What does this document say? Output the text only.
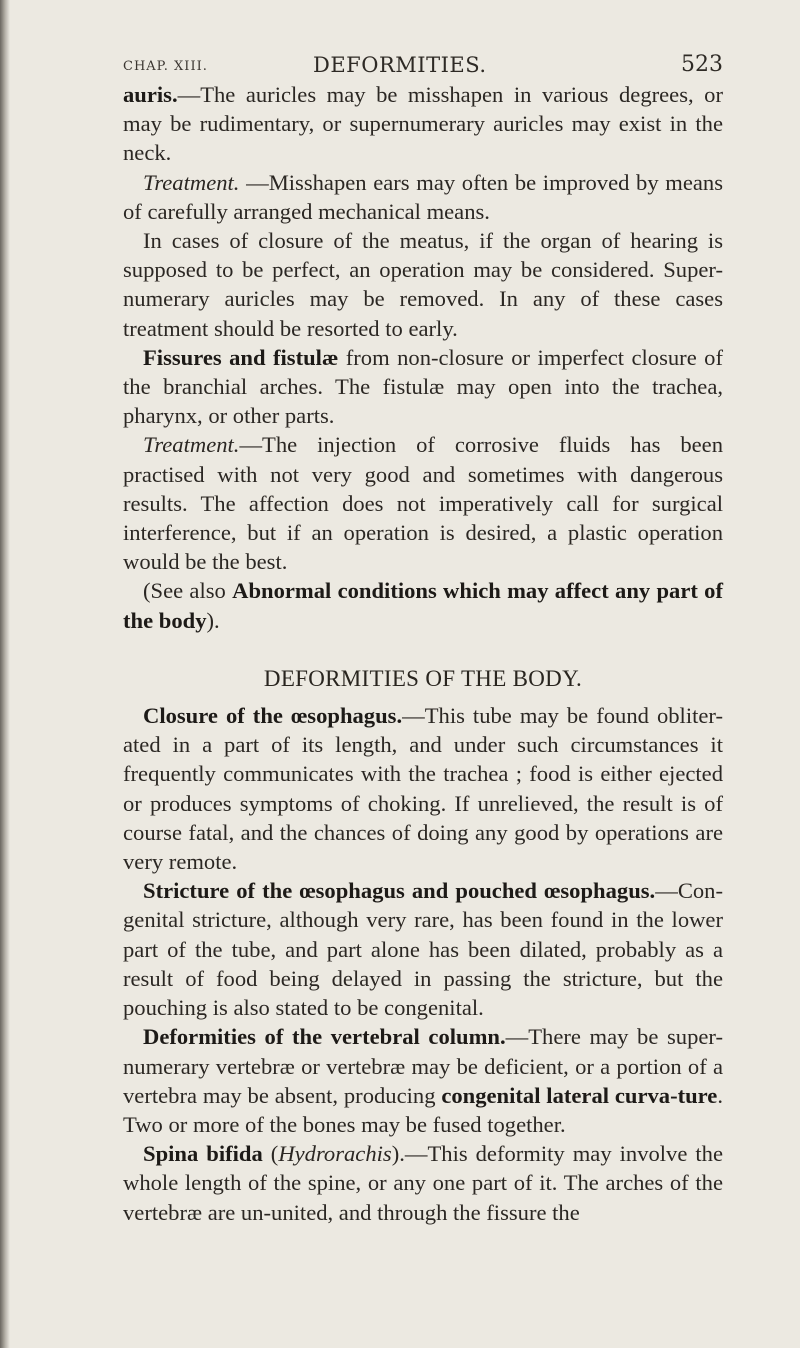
CHAP. XIII.	DEFORMITIES.	523

auris.—The auricles may be misshapen in various degrees, or may be rudimentary, or supernumerary auricles may exist in the neck.

Treatment. —Misshapen ears may often be improved by means of carefully arranged mechanical means.

In cases of closure of the meatus, if the organ of hearing is supposed to be perfect, an operation may be considered. Super-numerary auricles may be removed. In any of these cases treatment should be resorted to early.

Fissures and fistulæ from non-closure or imperfect closure of the branchial arches. The fistulæ may open into the trachea, pharynx, or other parts.

Treatment.—The injection of corrosive fluids has been practised with not very good and sometimes with dangerous results. The affection does not imperatively call for surgical interference, but if an operation is desired, a plastic operation would be the best.

(See also Abnormal conditions which may affect any part of the body).

DEFORMITIES OF THE BODY.

Closure of the œsophagus.—This tube may be found obliter-ated in a part of its length, and under such circumstances it frequently communicates with the trachea ; food is either ejected or produces symptoms of choking. If unrelieved, the result is of course fatal, and the chances of doing any good by operations are very remote.

Stricture of the œsophagus and pouched œsophagus.—Con-genital stricture, although very rare, has been found in the lower part of the tube, and part alone has been dilated, probably as a result of food being delayed in passing the stricture, but the pouching is also stated to be congenital.

Deformities of the vertebral column.—There may be super-numerary vertebræ or vertebræ may be deficient, or a portion of a vertebra may be absent, producing congenital lateral curva-ture. Two or more of the bones may be fused together.

Spina bifida (Hydrorachis).—This deformity may involve the whole length of the spine, or any one part of it. The arches of the vertebræ are un-united, and through the fissure the
